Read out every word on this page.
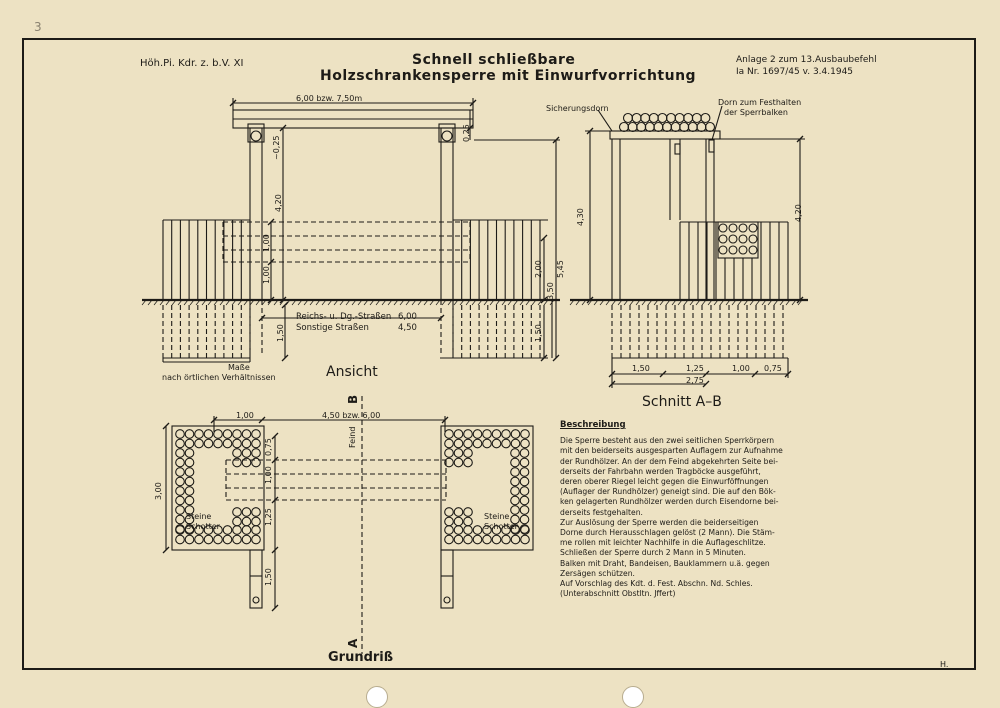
3
Höh.Pi. Kdr. z. b.V. XI	Schnell schließbare
Holzschrankensperre mit Einwurfvorrichtung
Anlage 2 zum 13.Ausbaubefehl
Ia Nr. 1697/45 v. 3.4.1945
Ansicht
Schnitt A–B
Grundriß
B
A
Maße
nach örtlichen Verhältnissen
Reichs- u. Dg.-Straßen
Sonstige Straßen
6,00
4,50
Sicherungsdorn
Dorn zum Festhalten
der Sperrbalken
Steine
Schotter
Steine
Schotter
Feind
6,00 bzw. 7,50m
~0,25
0,25
4,20
1,00
1,00
1,50
2,00
3,50
5,45
1,50
4,30	4,20
1,50	1,25	1,00 0,75
2,75
1,00	4,50 bzw. 6,00
3,00
0,75
1,00
1,25
1,50
Beschreibung
Die Sperre besteht aus den zwei seitlichen Sperrkörpern
mit den beiderseits ausgesparten Auflagern zur Aufnahme
der Rundhölzer. An der dem Feind abgekehrten Seite bei-
derseits der Fahrbahn werden Tragböcke ausgeführt,
deren oberer Riegel leicht gegen die Einwurföffnungen
(Auflager der Rundhölzer) geneigt sind. Die auf den Bök-
ken gelagerten Rundhölzer werden durch Eisendorne bei-
derseits festgehalten.
Zur Auslösung der Sperre werden die beiderseitigen
Dorne durch Herausschlagen gelöst (2 Mann). Die Stäm-
me rollen mit leichter Nachhilfe in die Auflageschlitze.
Schließen der Sperre durch 2 Mann in 5 Minuten.
Balken mit Draht, Bandeisen, Bauklammern u.ä. gegen
Zersägen schützen.
Auf Vorschlag des Kdt. d. Fest. Abschn. Nd. Schles.
(Unterabschnitt Obstltn. Jffert)
H.
